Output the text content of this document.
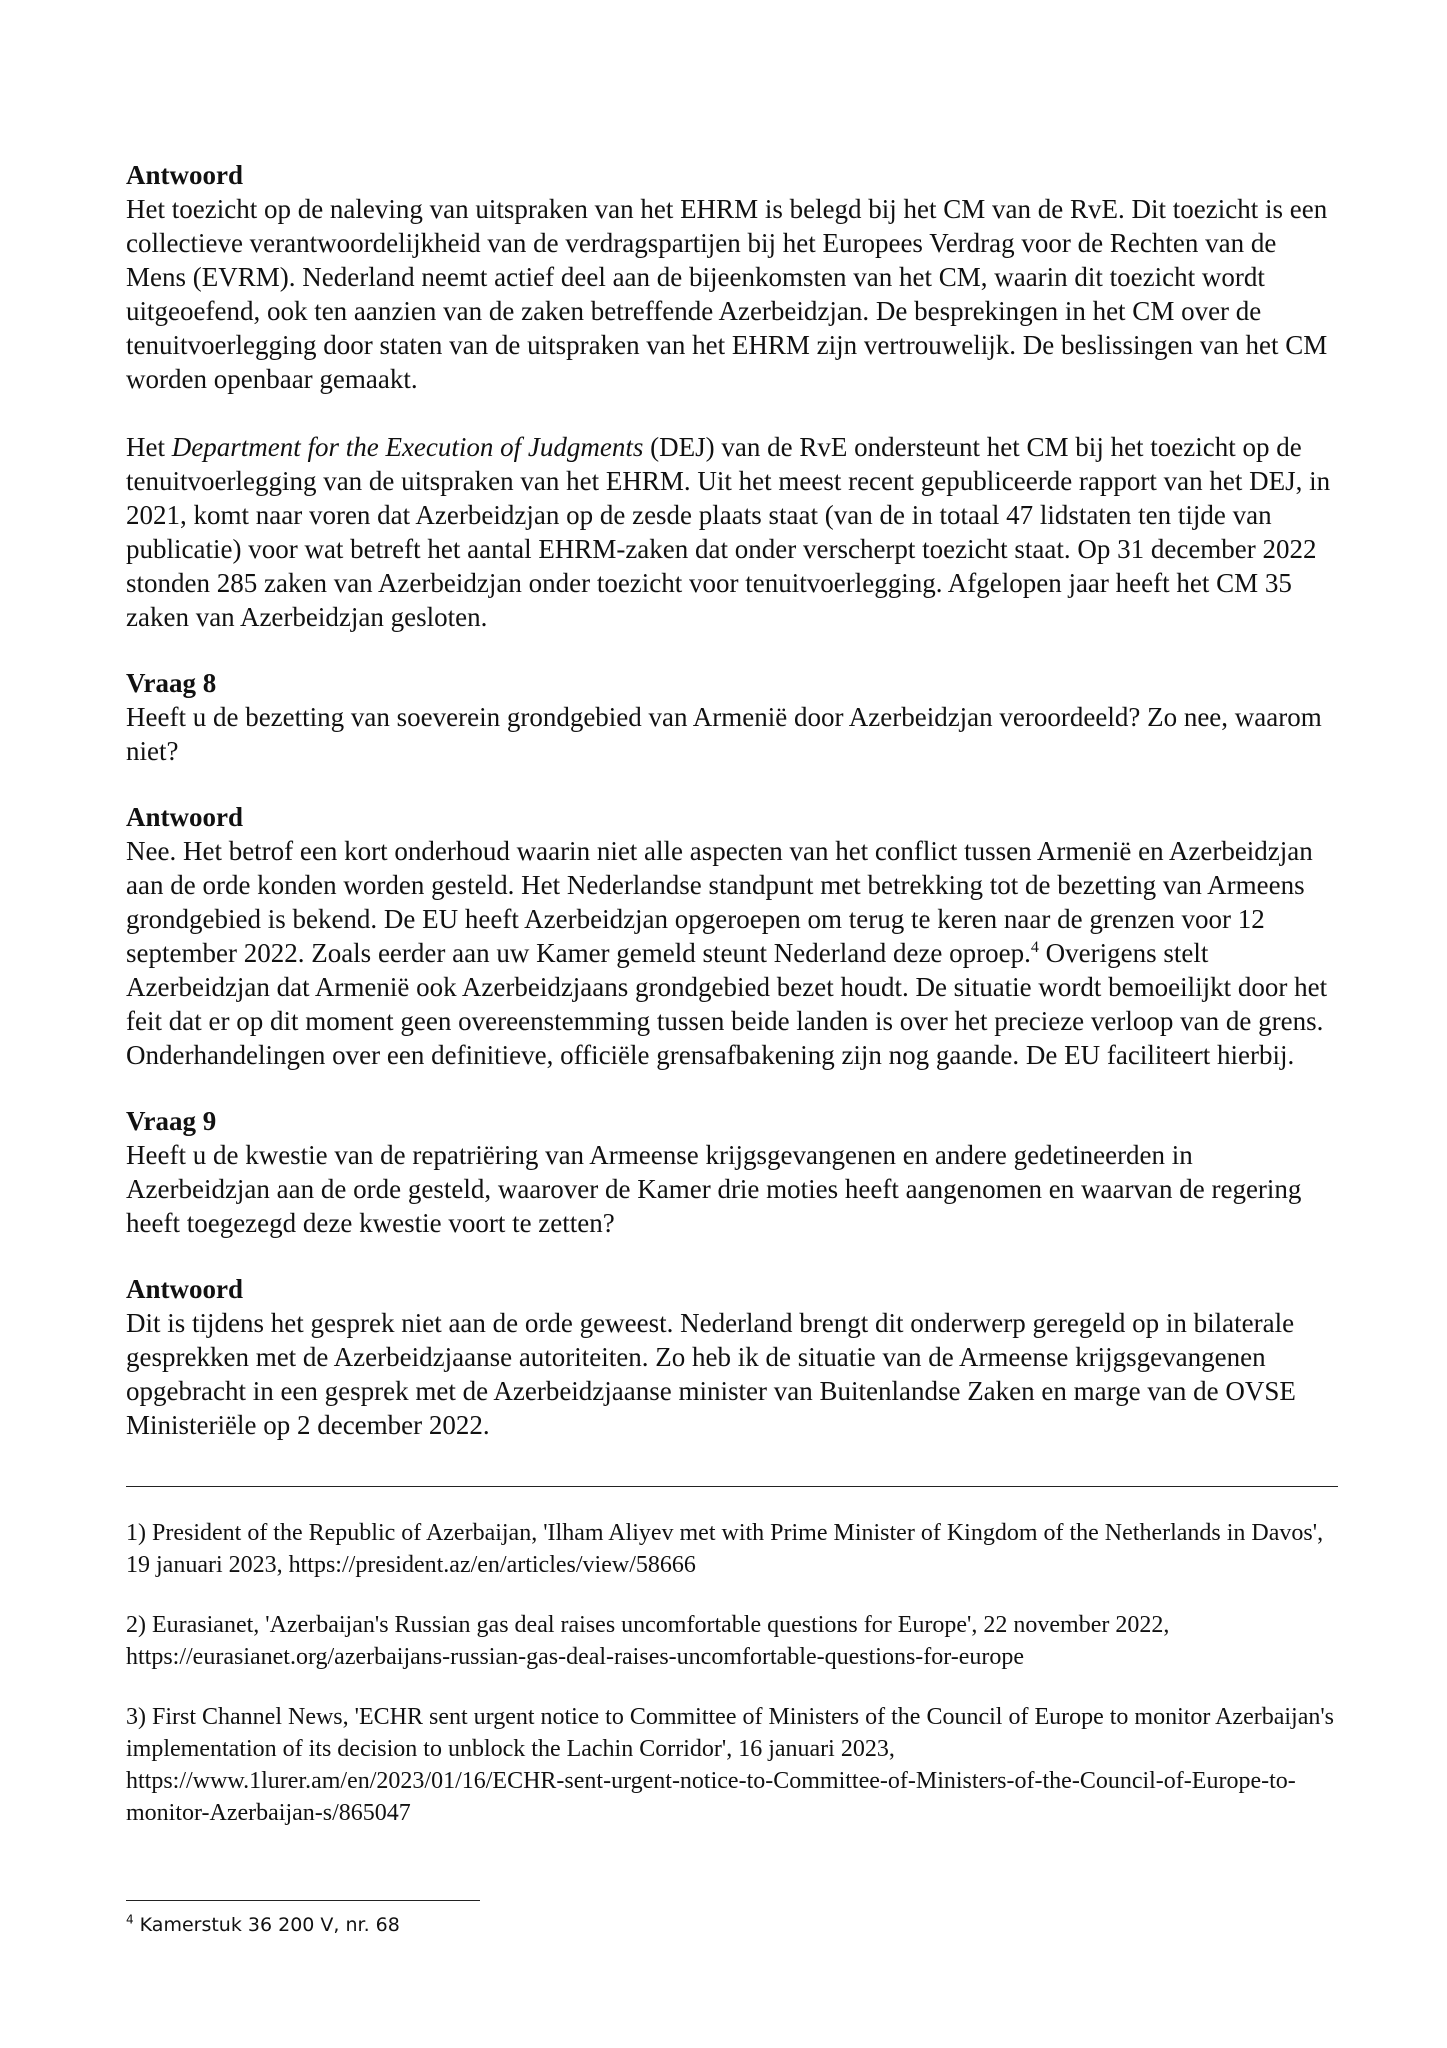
Antwoord

Het toezicht op de naleving van uitspraken van het EHRM is belegd bij het CM van de RvE. Dit toezicht is een collectieve verantwoordelijkheid van de verdragspartijen bij het Europees Verdrag voor de Rechten van de Mens (EVRM). Nederland neemt actief deel aan de bijeenkomsten van het CM, waarin dit toezicht wordt uitgeoefend, ook ten aanzien van de zaken betreffende Azerbeidzjan. De besprekingen in het CM over de tenuitvoerlegging door staten van de uitspraken van het EHRM zijn vertrouwelijk. De beslissingen van het CM worden openbaar gemaakt.

Het Department for the Execution of Judgments (DEJ) van de RvE ondersteunt het CM bij het toezicht op de tenuitvoerlegging van de uitspraken van het EHRM. Uit het meest recent gepubliceerde rapport van het DEJ, in 2021, komt naar voren dat Azerbeidzjan op de zesde plaats staat (van de in totaal 47 lidstaten ten tijde van publicatie) voor wat betreft het aantal EHRM-zaken dat onder verscherpt toezicht staat. Op 31 december 2022 stonden 285 zaken van Azerbeidzjan onder toezicht voor tenuitvoerlegging. Afgelopen jaar heeft het CM 35 zaken van Azerbeidzjan gesloten.

Vraag 8

Heeft u de bezetting van soeverein grondgebied van Armenië door Azerbeidzjan veroordeeld? Zo nee, waarom niet?

Antwoord

Nee. Het betrof een kort onderhoud waarin niet alle aspecten van het conflict tussen Armenië en Azerbeidzjan aan de orde konden worden gesteld. Het Nederlandse standpunt met betrekking tot de bezetting van Armeens grondgebied is bekend. De EU heeft Azerbeidzjan opgeroepen om terug te keren naar de grenzen voor 12 september 2022. Zoals eerder aan uw Kamer gemeld steunt Nederland deze oproep.$^4$ Overigens stelt Azerbeidzjan dat Armenië ook Azerbeidzjaans grondgebied bezet houdt. De situatie wordt bemoeilijkt door het feit dat er op dit moment geen overeenstemming tussen beide landen is over het precieze verloop van de grens. Onderhandelingen over een definitieve, officiële grensafbakening zijn nog gaande. De EU faciliteert hierbij.

Vraag 9

Heeft u de kwestie van de repatriëring van Armeense krijgsgevangenen en andere gedetineerden in Azerbeidzjan aan de orde gesteld, waarover de Kamer drie moties heeft aangenomen en waarvan de regering heeft toegezegd deze kwestie voort te zetten?

Antwoord

Dit is tijdens het gesprek niet aan de orde geweest. Nederland brengt dit onderwerp geregeld op in bilaterale gesprekken met de Azerbeidzjaanse autoriteiten. Zo heb ik de situatie van de Armeense krijgsgevangenen opgebracht in een gesprek met de Azerbeidzjaanse minister van Buitenlandse Zaken en marge van de OVSE Ministeriële op 2 december 2022.

1) President of the Republic of Azerbaijan, 'Ilham Aliyev met with Prime Minister of Kingdom of the Netherlands in Davos', 19 januari 2023, https://president.az/en/articles/view/58666

2) Eurasianet, 'Azerbaijan's Russian gas deal raises uncomfortable questions for Europe', 22 november 2022, https://eurasianet.org/azerbaijans-russian-gas-deal-raises-uncomfortable-questions-for-europe

3) First Channel News, 'ECHR sent urgent notice to Committee of Ministers of the Council of Europe to monitor Azerbaijan's implementation of its decision to unblock the Lachin Corridor', 16 januari 2023, https://www.1lurer.am/en/2023/01/16/ECHR-sent-urgent-notice-to-Committee-of-Ministers-of-the-Council-of-Europe-to-monitor-Azerbaijan-s/865047

$^4$ Kamerstuk 36 200 V, nr. 68
